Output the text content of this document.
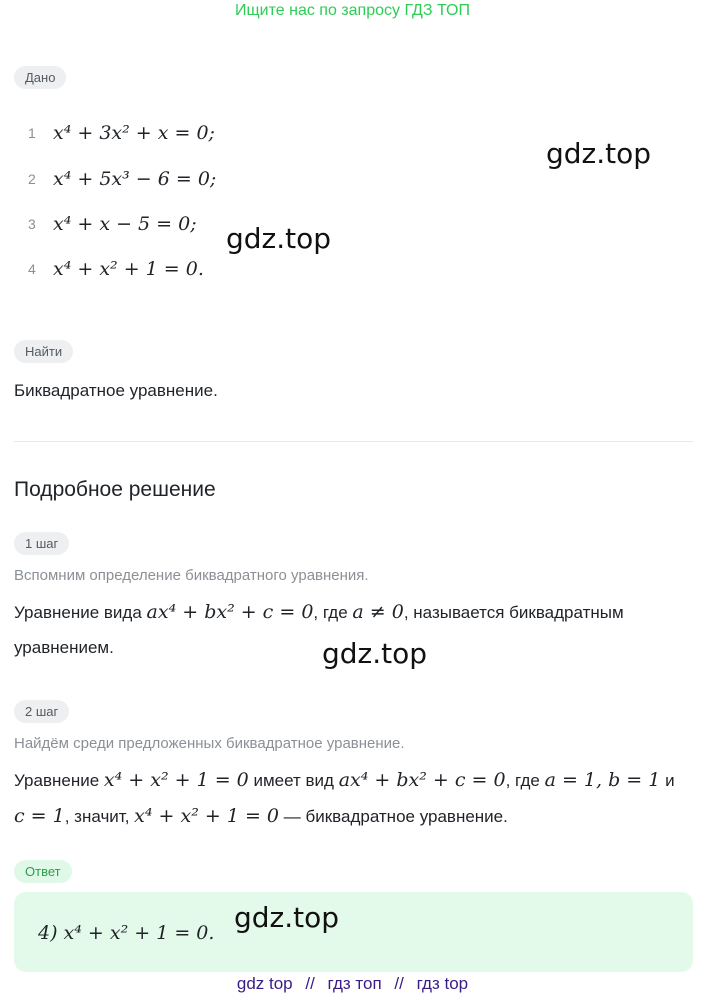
Ищите нас по запросу ГДЗ ТОП
Дано
1 x⁴ + 3x² + x = 0;
2 x⁴ + 5x³ − 6 = 0;
3 x⁴ + x − 5 = 0;
4 x⁴ + x² + 1 = 0.
Найти
Биквадратное уравнение.
Подробное решение
1 шаг
Вспомним определение биквадратного уравнения.
Уравнение вида ax⁴ + bx² + c = 0, где a ≠ 0, называется биквадратным
уравнением.
2 шаг
Найдём среди предложенных биквадратное уравнение.
Уравнение x⁴ + x² + 1 = 0 имеет вид ax⁴ + bx² + c = 0, где a = 1, b = 1 и
c = 1, значит, x⁴ + x² + 1 = 0 — биквадратное уравнение.
Ответ
4) x⁴ + x² + 1 = 0.
gdz.top
gdz.top
gdz.top
gdz.top
gdz top // гдз топ // гдз top
